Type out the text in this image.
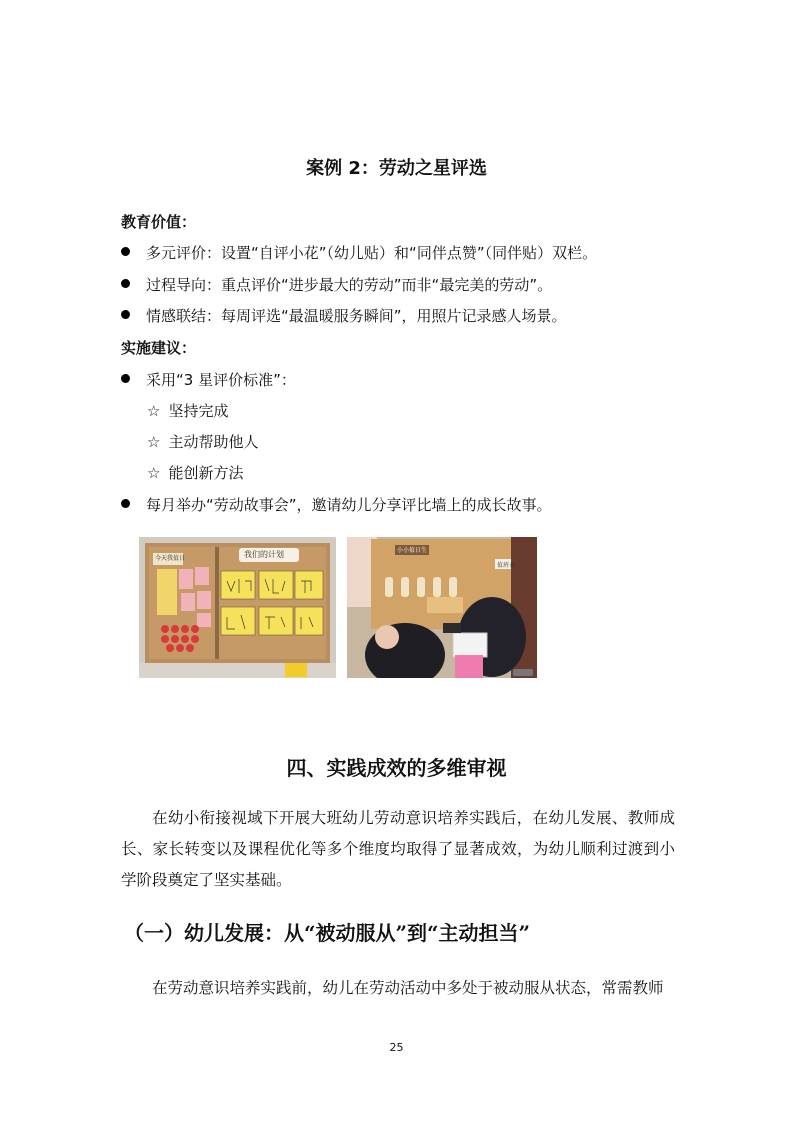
案例 2：劳动之星评选
教育价值：
多元评价：设置“自评小花”（幼儿贴）和“同伴点赞”（同伴贴）双栏。
过程导向：重点评价“进步最大的劳动”而非“最完美的劳动”。
情感联结：每周评选“最温暖服务瞬间”，用照片记录感人场景。
实施建议：
采用“3 星评价标准”：
☆ 坚持完成
☆ 主动帮助他人
☆ 能创新方法
每月举办“劳动故事会”，邀请幼儿分享评比墙上的成长故事。
我们的计划
今天我值日
小小值日生
值班表
四、实践成效的多维审视
在幼小衔接视域下开展大班幼儿劳动意识培养实践后，在幼儿发展、教师成长、家长转变以及课程优化等多个维度均取得了显著成效，为幼儿顺利过渡到小学阶段奠定了坚实基础。
（一）幼儿发展：从“被动服从”到“主动担当”
在劳动意识培养实践前，幼儿在劳动活动中多处于被动服从状态，常需教师
25
